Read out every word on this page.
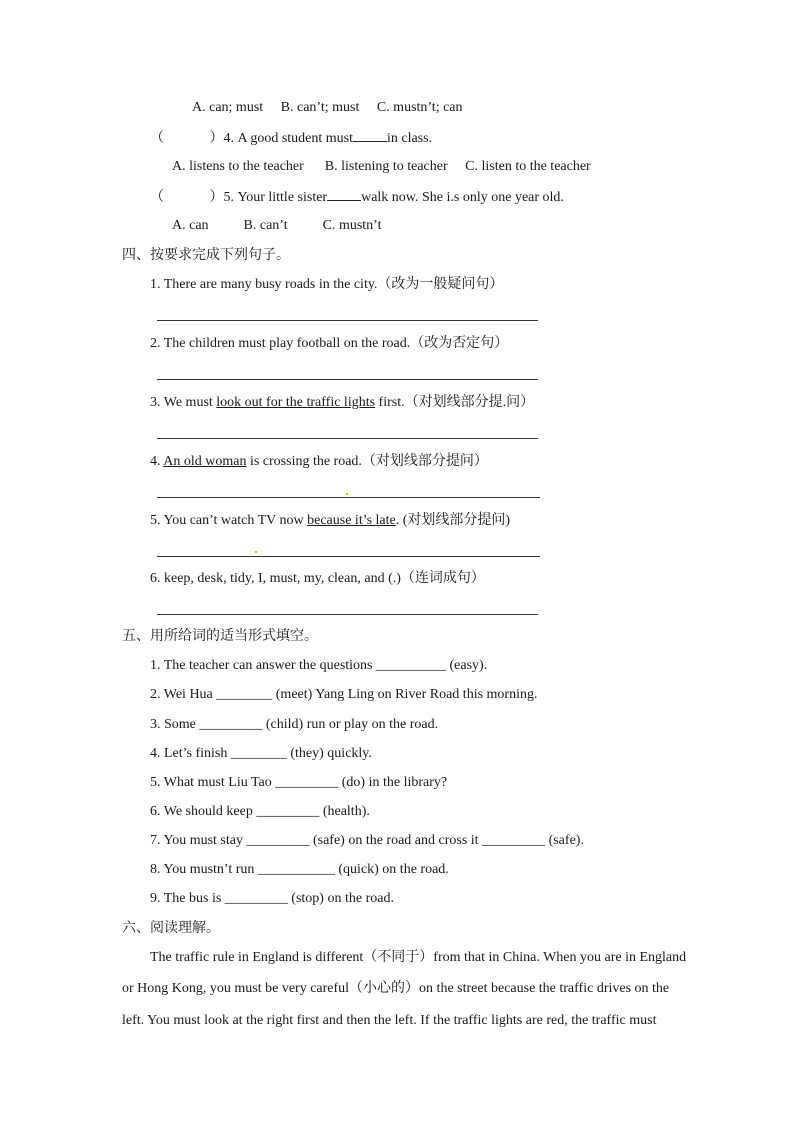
A. can; must     B. can’t; must     C. mustn’t; can
（             ）4. A good student must in class.
A. listens to the teacher      B. listening to teacher     C. listen to the teacher
（             ）5. Your little sister walk now. She i.s only one year old.
A. can          B. can’t          C. mustn’t
四、按要求完成下列句子。
1. There are many busy roads in the city.（改为一般疑问句）
2. The children must play football on the road.（改为否定句）
3. We must look out for the traffic lights first.（对划线部分提.问）
4. An old woman is crossing the road.（对划线部分提问）
5. You can’t watch TV now because it’s late. (对划线部分提问)
6. keep, desk, tidy, I, must, my, clean, and (.)（连词成句）
五、用所给词的适当形式填空。
1. The teacher can answer the questions __________ (easy).
2. Wei Hua ________ (meet) Yang Ling on River Road this morning.
3. Some _________ (child) run or play on the road.
4. Let’s finish ________ (they) quickly.
5. What must Liu Tao _________ (do) in the library?
6. We should keep _________ (health).
7. You must stay _________ (safe) on the road and cross it _________ (safe).
8. You mustn’t run ___________ (quick) on the road.
9. The bus is _________ (stop) on the road.
六、阅读理解。
The traffic rule in England is different（不同于）from that in China. When you are in England
or Hong Kong, you must be very careful（小心的）on the street because the traffic drives on the
left. You must look at the right first and then the left. If the traffic lights are red, the traffic must
